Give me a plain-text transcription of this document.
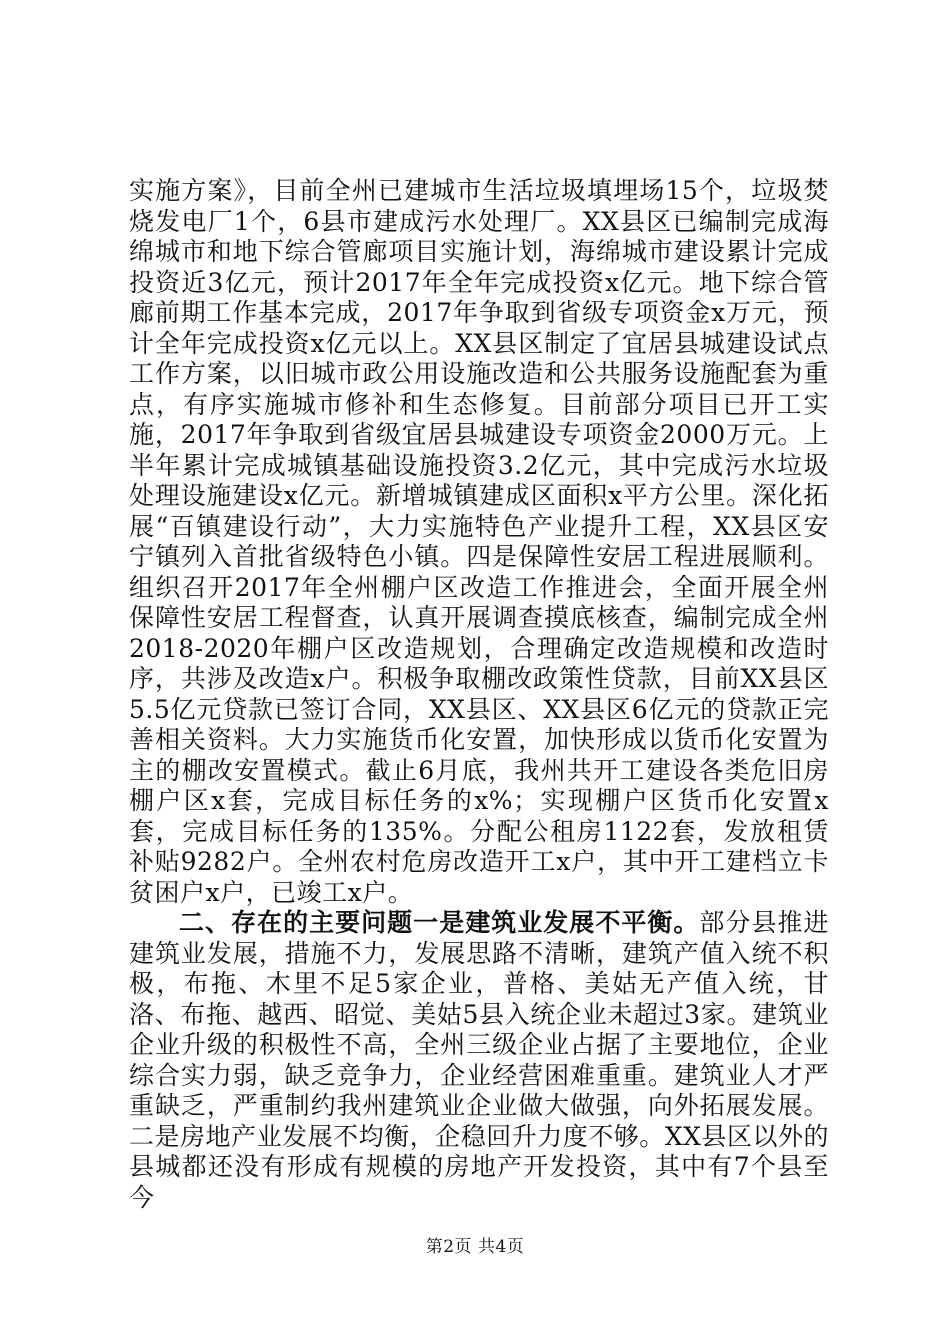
实施方案》，目前全州已建城市生活垃圾填埋场15个，垃圾焚烧发电厂1个，6县市建成污水处理厂。XX县区已编制完成海绵城市和地下综合管廊项目实施计划，海绵城市建设累计完成投资近3亿元，预计2017年全年完成投资x亿元。地下综合管廊前期工作基本完成，2017年争取到省级专项资金x万元，预计全年完成投资x亿元以上。XX县区制定了宜居县城建设试点工作方案，以旧城市政公用设施改造和公共服务设施配套为重点，有序实施城市修补和生态修复。目前部分项目已开工实施，2017年争取到省级宜居县城建设专项资金2000万元。上半年累计完成城镇基础设施投资3.2亿元，其中完成污水垃圾处理设施建设x亿元。新增城镇建成区面积x平方公里。深化拓展“百镇建设行动”，大力实施特色产业提升工程，XX县区安宁镇列入首批省级特色小镇。四是保障性安居工程进展顺利。组织召开2017年全州棚户区改造工作推进会，全面开展全州保障性安居工程督查，认真开展调查摸底核查，编制完成全州2018-2020年棚户区改造规划，合理确定改造规模和改造时序，共涉及改造x户。积极争取棚改政策性贷款，目前XX县区5.5亿元贷款已签订合同，XX县区、XX县区6亿元的贷款正完善相关资料。大力实施货币化安置，加快形成以货币化安置为主的棚改安置模式。截止6月底，我州共开工建设各类危旧房棚户区x套，完成目标任务的x%；实现棚户区货币化安置x套，完成目标任务的135%。分配公租房1122套，发放租赁补贴9282户。全州农村危房改造开工x户，其中开工建档立卡贫困户x户，已竣工x户。

二、存在的主要问题一是建筑业发展不平衡。部分县推进建筑业发展，措施不力，发展思路不清晰，建筑产值入统不积极，布拖、木里不足5家企业，普格、美姑无产值入统，甘洛、布拖、越西、昭觉、美姑5县入统企业未超过3家。建筑业企业升级的积极性不高，全州三级企业占据了主要地位，企业综合实力弱，缺乏竞争力，企业经营困难重重。建筑业人才严重缺乏，严重制约我州建筑业企业做大做强，向外拓展发展。二是房地产业发展不均衡，企稳回升力度不够。XX县区以外的县城都还没有形成有规模的房地产开发投资，其中有7个县至今

第2页 共4页
